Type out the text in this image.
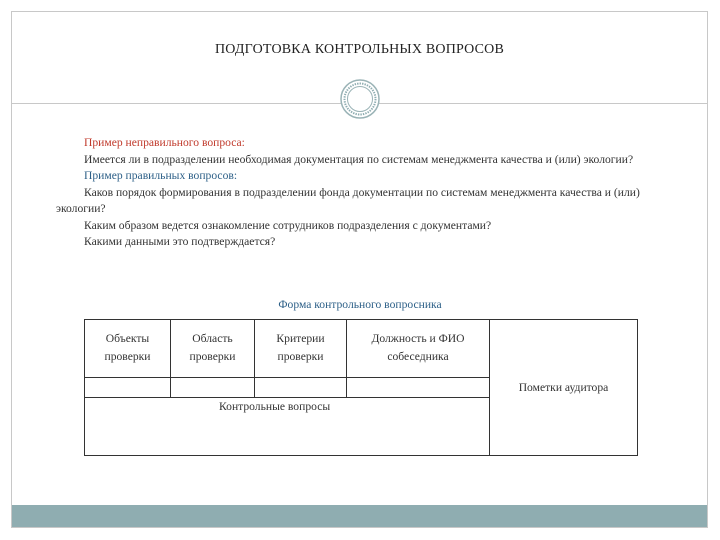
ПОДГОТОВКА КОНТРОЛЬНЫХ ВОПРОСОВ

Пример неправильного вопроса:

Имеется ли в подразделении необходимая документация по системам менеджмента качества и (или) экологии?

Пример правильных вопросов:

Каков порядок формирования в подразделении фонда документации по системам менеджмента качества и (или) экологии?

Каким образом ведется ознакомление сотрудников подразделения с документами?

Какими данными это подтверждается?

Форма контрольного вопросника
Объекты проверки	Область проверки	Критерии проверки	Должность и ФИО собеседника	Пометки аудитора

Контрольные вопросы				
